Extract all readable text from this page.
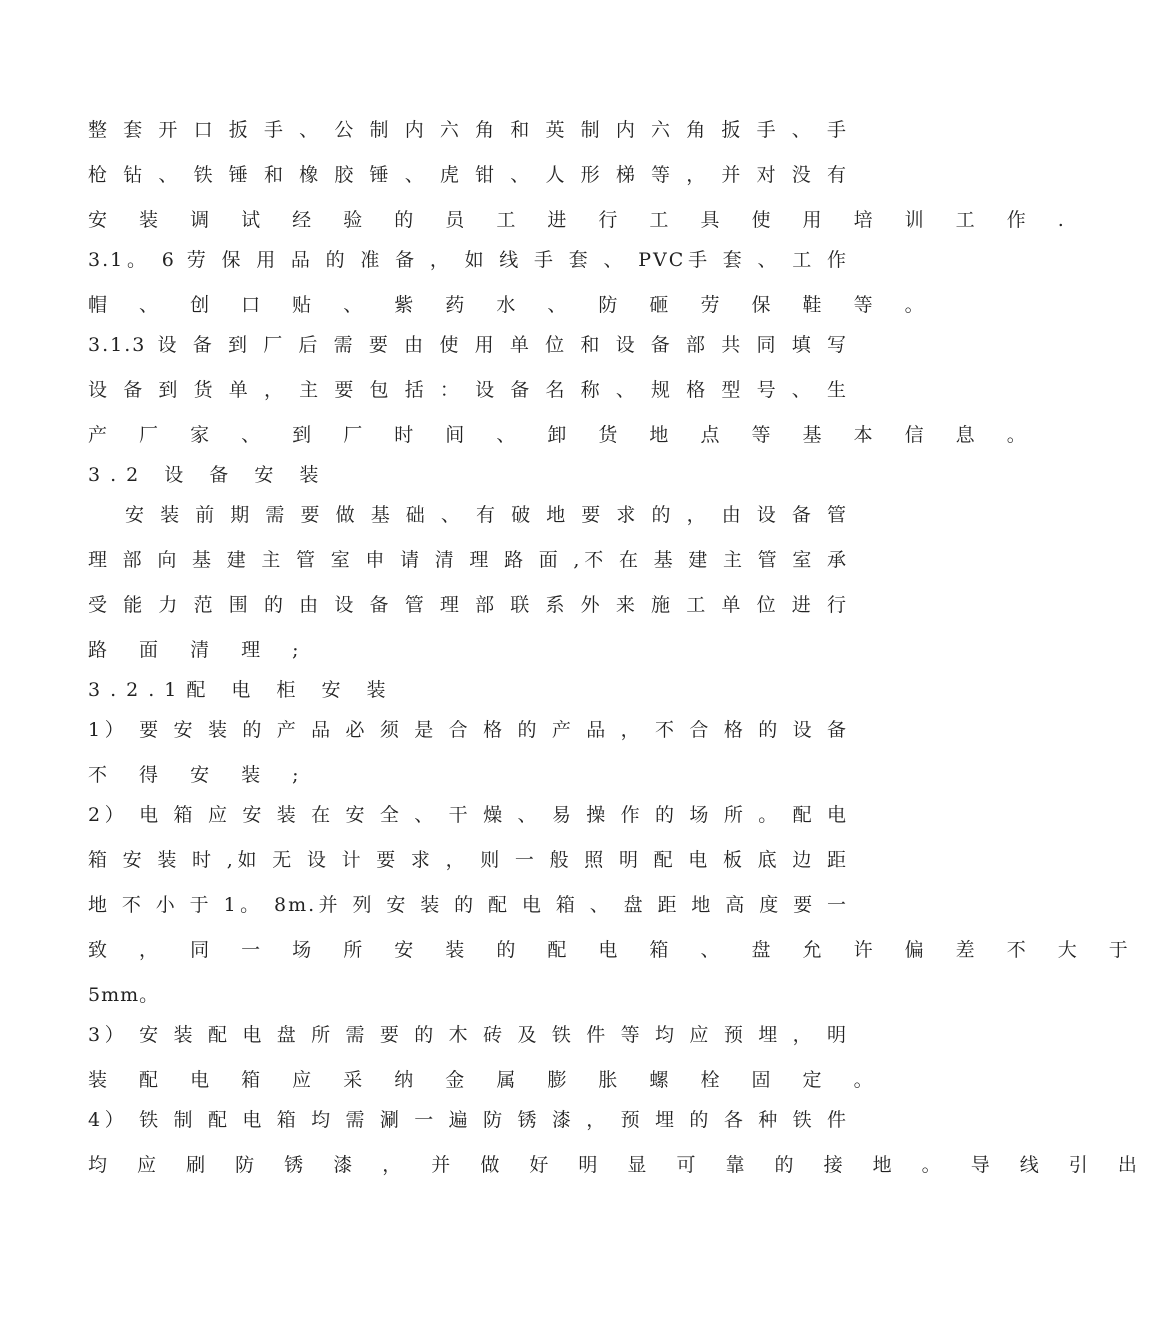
整 套 开 口 扳 手 、 公 制 内 六 角 和 英 制 内 六 角 扳 手 、 手
枪 钻 、 铁 锤 和 橡 胶 锤 、 虎 钳 、 人 形 梯 等 ， 并 对 没 有
安 装 调 试 经 验 的 员 工 进 行 工 具 使 用 培 训 工 作 .
3.1。 6 劳 保 用 品 的 准 备 ， 如 线 手 套 、 PVC手 套 、 工 作
帽 、 创 口 贴 、 紫 药 水 、 防 砸 劳 保 鞋 等 。
3.1.3 设 备 到 厂 后 需 要 由 使 用 单 位 和 设 备 部 共 同 填 写
设 备 到 货 单 ， 主 要 包 括 ： 设 备 名 称 、 规 格 型 号 、 生
产 厂 家 、 到 厂 时 间 、 卸 货 地 点 等 基 本 信 息 。
3.2 设 备 安 装
安 装 前 期 需 要 做 基 础 、 有 破 地 要 求 的 ， 由 设 备 管
理 部 向 基 建 主 管 室 申 请 清 理 路 面 ,不 在 基 建 主 管 室 承
受 能 力 范 围 的 由 设 备 管 理 部 联 系 外 来 施 工 单 位 进 行
路 面 清 理 ;
3.2.1配 电 柜 安 装
1） 要 安 装 的 产 品 必 须 是 合 格 的 产 品 ， 不 合 格 的 设 备
不 得 安 装 ;
2） 电 箱 应 安 装 在 安 全 、 干 燥 、 易 操 作 的 场 所 。 配 电
箱 安 装 时 ,如 无 设 计 要 求 ， 则 一 般 照 明 配 电 板 底 边 距
地 不 小 于 1。 8m.并 列 安 装 的 配 电 箱 、 盘 距 地 高 度 要 一
致 ， 同 一 场 所 安 装 的 配 电 箱 、 盘 允 许 偏 差 不 大 于
5mm。
3） 安 装 配 电 盘 所 需 要 的 木 砖 及 铁 件 等 均 应 预 埋 ， 明
装 配 电 箱 应 采 纳 金 属 膨 胀 螺 栓 固 定 。
4） 铁 制 配 电 箱 均 需 涮 一 遍 防 锈 漆 ， 预 埋 的 各 种 铁 件
均 应 刷 防 锈 漆 ， 并 做 好 明 显 可 靠 的 接 地 。 导 线 引 出
